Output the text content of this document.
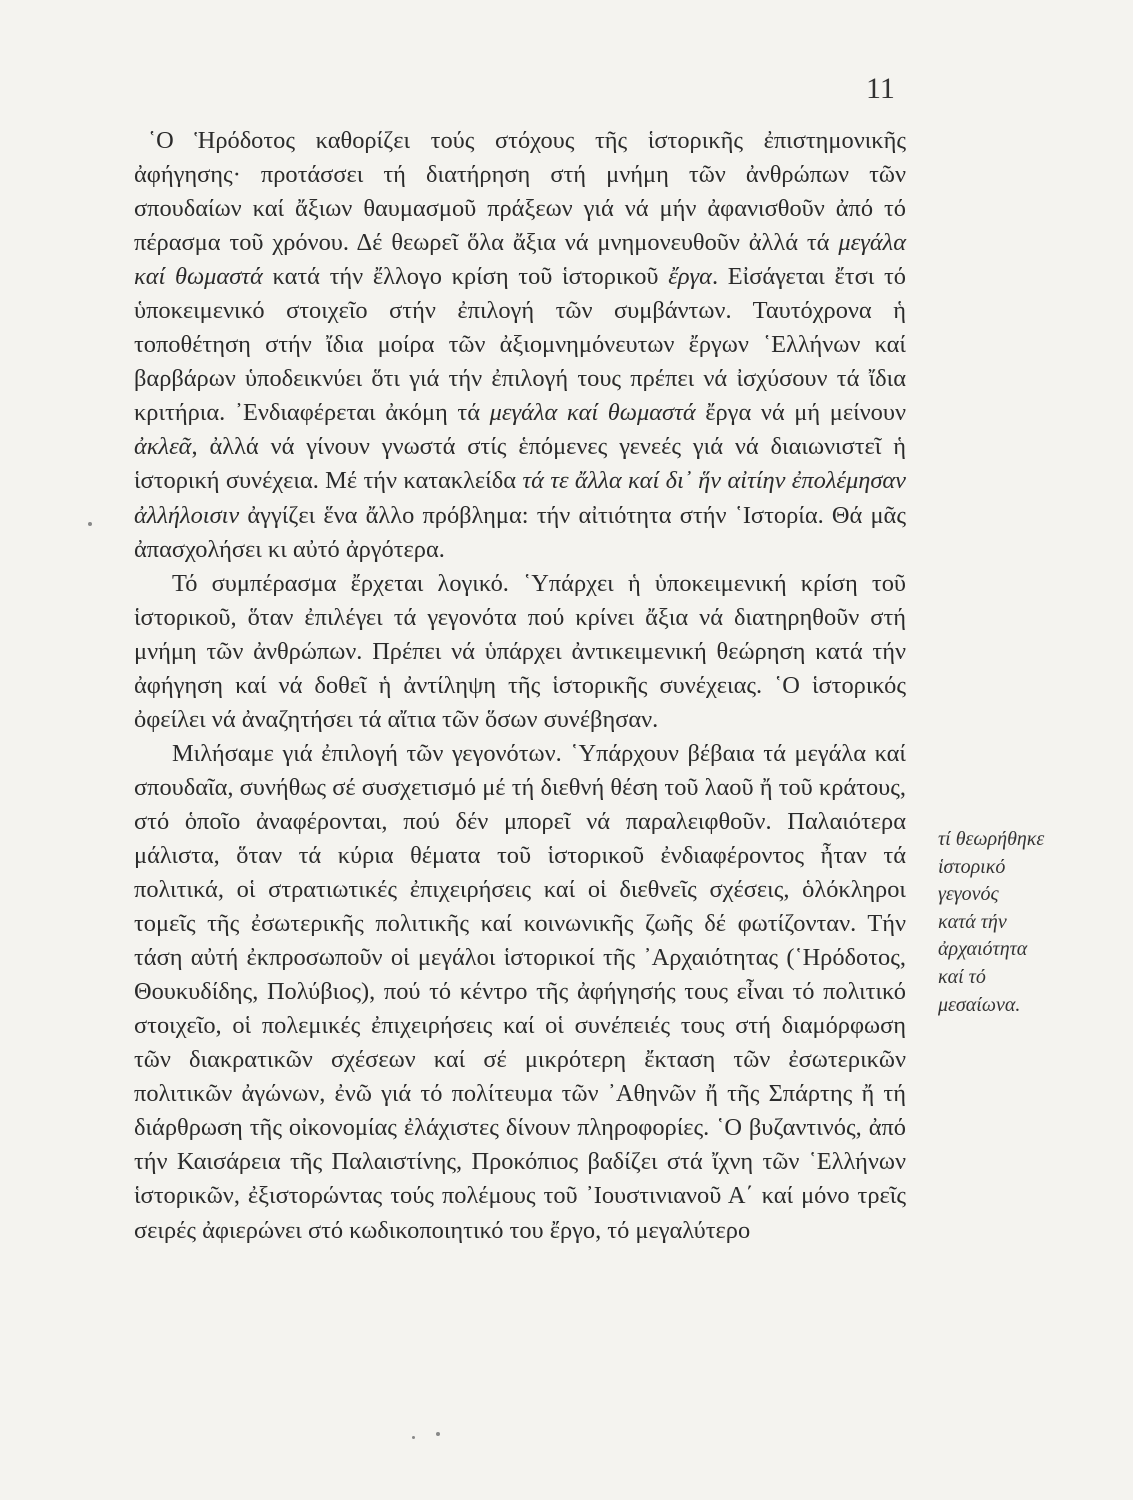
11

῾Ο Ἡρόδοτος καθορίζει τούς στόχους τῆς ἱστορικῆς ἐπιστημονικῆς ἀφήγησης· προτάσσει τή διατήρηση στή μνήμη τῶν ἀνθρώπων τῶν σπουδαίων καί ἄξιων θαυμασμοῦ πράξεων γιά νά μήν ἀφανισθοῦν ἀπό τό πέρασμα τοῦ χρόνου. Δέ θεωρεῖ ὅλα ἄξια νά μνημονευθοῦν ἀλλά τά μεγάλα καί θωμαστά κατά τήν ἔλλογο κρίση τοῦ ἱστορικοῦ ἔργα. Εἰσάγεται ἔτσι τό ὑποκειμενικό στοιχεῖο στήν ἐπιλογή τῶν συμβάντων. Ταυτόχρονα ἡ τοποθέτηση στήν ἴδια μοίρα τῶν ἀξιομνημόνευτων ἔργων ῾Ελλήνων καί βαρβάρων ὑποδεικνύει ὅτι γιά τήν ἐπιλογή τους πρέπει νά ἰσχύσουν τά ἴδια κριτήρια. ᾿Ενδιαφέρεται ἀκόμη τά μεγάλα καί θωμαστά ἔργα νά μή μείνουν ἀκλεᾶ, ἀλλά νά γίνουν γνωστά στίς ἑπόμενες γενεές γιά νά διαιωνιστεῖ ἡ ἱστορική συνέχεια. Μέ τήν κατακλείδα τά τε ἄλλα καί δι᾿ ἥν αἰτίην ἐπολέμησαν ἀλλήλοισιν ἀγγίζει ἕνα ἄλλο πρόβλημα: τήν αἰτιότητα στήν ῾Ιστορία. Θά μᾶς ἀπασχολήσει κι αὐτό ἀργότερα.

Τό συμπέρασμα ἔρχεται λογικό. ῾Υπάρχει ἡ ὑποκειμενική κρίση τοῦ ἱστορικοῦ, ὅταν ἐπιλέγει τά γεγονότα πού κρίνει ἄξια νά διατηρηθοῦν στή μνήμη τῶν ἀνθρώπων. Πρέπει νά ὑπάρχει ἀντικειμενική θεώρηση κατά τήν ἀφήγηση καί νά δοθεῖ ἡ ἀντίληψη τῆς ἱστορικῆς συνέχειας. ῾Ο ἱστορικός ὀφείλει νά ἀναζητήσει τά αἴτια τῶν ὅσων συνέβησαν.

Μιλήσαμε γιά ἐπιλογή τῶν γεγονότων. ῾Υπάρχουν βέβαια τά μεγάλα καί σπουδαῖα, συνήθως σέ συσχετισμό μέ τή διεθνή θέση τοῦ λαοῦ ἤ τοῦ κράτους, στό ὁποῖο ἀναφέρονται, πού δέν μπορεῖ νά παραλειφθοῦν. Παλαιότερα μάλιστα, ὅταν τά κύρια θέματα τοῦ ἱστορικοῦ ἐνδιαφέροντος ἦταν τά πολιτικά, οἱ στρατιωτικές ἐπιχειρήσεις καί οἱ διεθνεῖς σχέσεις, ὁλόκληροι τομεῖς τῆς ἐσωτερικῆς πολιτικῆς καί κοινωνικῆς ζωῆς δέ φωτίζονταν. Τήν τάση αὐτή ἐκπροσωποῦν οἱ μεγάλοι ἱστορικοί τῆς ᾿Αρχαιότητας (῾Ηρόδοτος, Θουκυδίδης, Πολύβιος), πού τό κέντρο τῆς ἀφήγησής τους εἶναι τό πολιτικό στοιχεῖο, οἱ πολεμικές ἐπιχειρήσεις καί οἱ συνέπειές τους στή διαμόρφωση τῶν διακρατικῶν σχέσεων καί σέ μικρότερη ἔκταση τῶν ἐσωτερικῶν πολιτικῶν ἀγώνων, ἐνῶ γιά τό πολίτευμα τῶν ᾿Αθηνῶν ἤ τῆς Σπάρτης ἤ τή διάρθρωση τῆς οἰκονομίας ἐλάχιστες δίνουν πληροφορίες. ῾Ο βυζαντινός, ἀπό τήν Καισάρεια τῆς Παλαιστίνης, Προκόπιος βαδίζει στά ἴχνη τῶν ῾Ελλήνων ἱστορικῶν, ἐξιστορώντας τούς πολέμους τοῦ ᾿Ιουστινιανοῦ Α΄ καί μόνο τρεῖς σειρές ἀφιερώνει στό κωδικοποιητικό του ἔργο, τό μεγαλύτερο

τί θεωρήθηκε
ἱστορικό
γεγονός
κατά τήν
ἀρχαιότητα
καί τό
μεσαίωνα.
